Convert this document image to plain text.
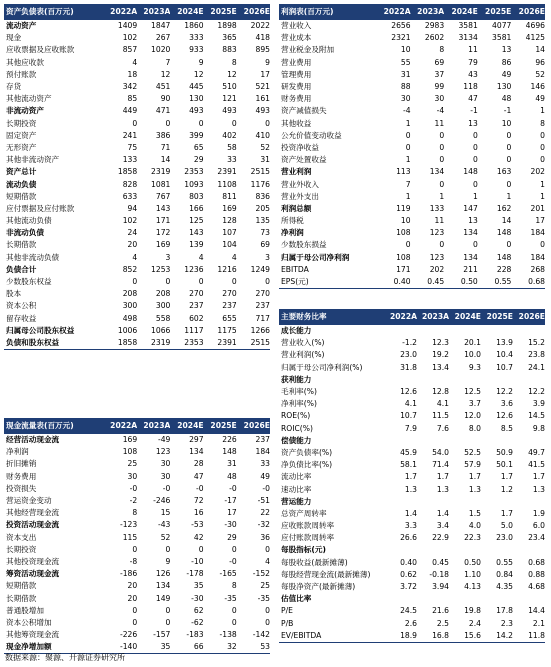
资产负债表(百万元)	2022A	2023A	2024E	2025E	2026E
流动资产	1409	1847	1860	1898	2022
现金	102	267	333	365	418
应收票据及应收账款	857	1020	933	883	895
其他应收款	4	7	9	8	9
预付账款	18	12	12	12	17
存货	342	451	445	510	521
其他流动资产	85	90	130	121	161
非流动资产	449	471	493	493	493
长期投资	0	0	0	0	0
固定资产	241	386	399	402	410
无形资产	75	71	65	58	52
其他非流动资产	133	14	29	33	31
资产总计	1858	2319	2353	2391	2515
流动负债	828	1081	1093	1108	1176
短期借款	633	767	803	811	836
应付票据及应付账款	94	143	166	169	205
其他流动负债	102	171	125	128	135
非流动负债	24	172	143	107	73
长期借款	20	169	139	104	69
其他非流动负债	4	3	4	4	3
负债合计	852	1253	1236	1216	1249
少数股东权益	0	0	0	0	0
股本	208	208	270	270	270
资本公积	300	300	237	237	237
留存收益	498	558	602	655	717
归属母公司股东权益	1006	1066	1117	1175	1266
负债和股东权益	1858	2319	2353	2391	2515
利润表(百万元)	2022A	2023A	2024E	2025E	2026E
营业收入	2656	2983	3581	4077	4696
营业成本	2321	2602	3134	3581	4125
营业税金及附加	10	8	11	13	14
营业费用	55	69	79	86	96
管理费用	31	37	43	49	52
研发费用	88	99	118	130	146
财务费用	30	30	47	48	49
资产减值损失	-4	-4	-1	-1	1
其他收益	1	11	13	10	8
公允价值变动收益	0	0	0	0	0
投资净收益	0	0	0	0	0
资产处置收益	1	0	0	0	0
营业利润	113	134	148	163	202
营业外收入	7	0	0	0	1
营业外支出	1	1	1	1	1
利润总额	119	133	147	162	201
所得税	10	11	13	14	17
净利润	108	123	134	148	184
少数股东损益	0	0	0	0	0
归属于母公司净利润	108	123	134	148	184
EBITDA	171	202	211	228	268
EPS(元)	0.40	0.45	0.50	0.55	0.68
主要财务比率	2022A	2023A	2024E	2025E	2026E
成长能力					
营业收入(%)	-1.2	12.3	20.1	13.9	15.2
营业利润(%)	23.0	19.2	10.0	10.4	23.8
归属于母公司净利润(%)	31.8	13.4	9.3	10.7	24.1
获利能力					
毛利率(%)	12.6	12.8	12.5	12.2	12.2
净利率(%)	4.1	4.1	3.7	3.6	3.9
ROE(%)	10.7	11.5	12.0	12.6	14.5
ROIC(%)	7.9	7.6	8.0	8.5	9.8
偿债能力					
资产负债率(%)	45.9	54.0	52.5	50.9	49.7
净负债比率(%)	58.1	71.4	57.9	50.1	41.5
流动比率	1.7	1.7	1.7	1.7	1.7
速动比率	1.3	1.3	1.3	1.2	1.3
营运能力					
总资产周转率	1.4	1.4	1.5	1.7	1.9
应收账款周转率	3.3	3.4	4.0	5.0	6.0
应付账款周转率	26.6	22.9	22.3	23.0	23.4
每股指标(元)					
每股收益(最新摊薄)	0.40	0.45	0.50	0.55	0.68
每股经营现金流(最新摊薄)	0.62	-0.18	1.10	0.84	0.88
每股净资产(最新摊薄)	3.72	3.94	4.13	4.35	4.68
估值比率					
P/E	24.5	21.6	19.8	17.8	14.4
P/B	2.6	2.5	2.4	2.3	2.1
EV/EBITDA	18.9	16.8	15.6	14.2	11.8
现金流量表(百万元)	2022A	2023A	2024E	2025E	2026E
经营活动现金流	169	-49	297	226	237
净利润	108	123	134	148	184
折旧摊销	25	30	28	31	33
财务费用	30	30	47	48	49
投资损失	-0	-0	-0	-0	-0
营运资金变动	-2	-246	72	-17	-51
其他经营现金流	8	15	16	17	22
投资活动现金流	-123	-43	-53	-30	-32
资本支出	115	52	42	29	36
长期投资	0	0	0	0	0
其他投资现金流	-8	9	-10	-0	4
筹资活动现金流	-186	126	-178	-165	-152
短期借款	20	134	35	8	25
长期借款	20	149	-30	-35	-35
普通股增加	0	0	62	0	0
资本公积增加	0	0	-62	0	0
其他筹资现金流	-226	-157	-183	-138	-142
现金净增加额	-140	35	66	32	53
数据来源：聚源、开源证券研究所
